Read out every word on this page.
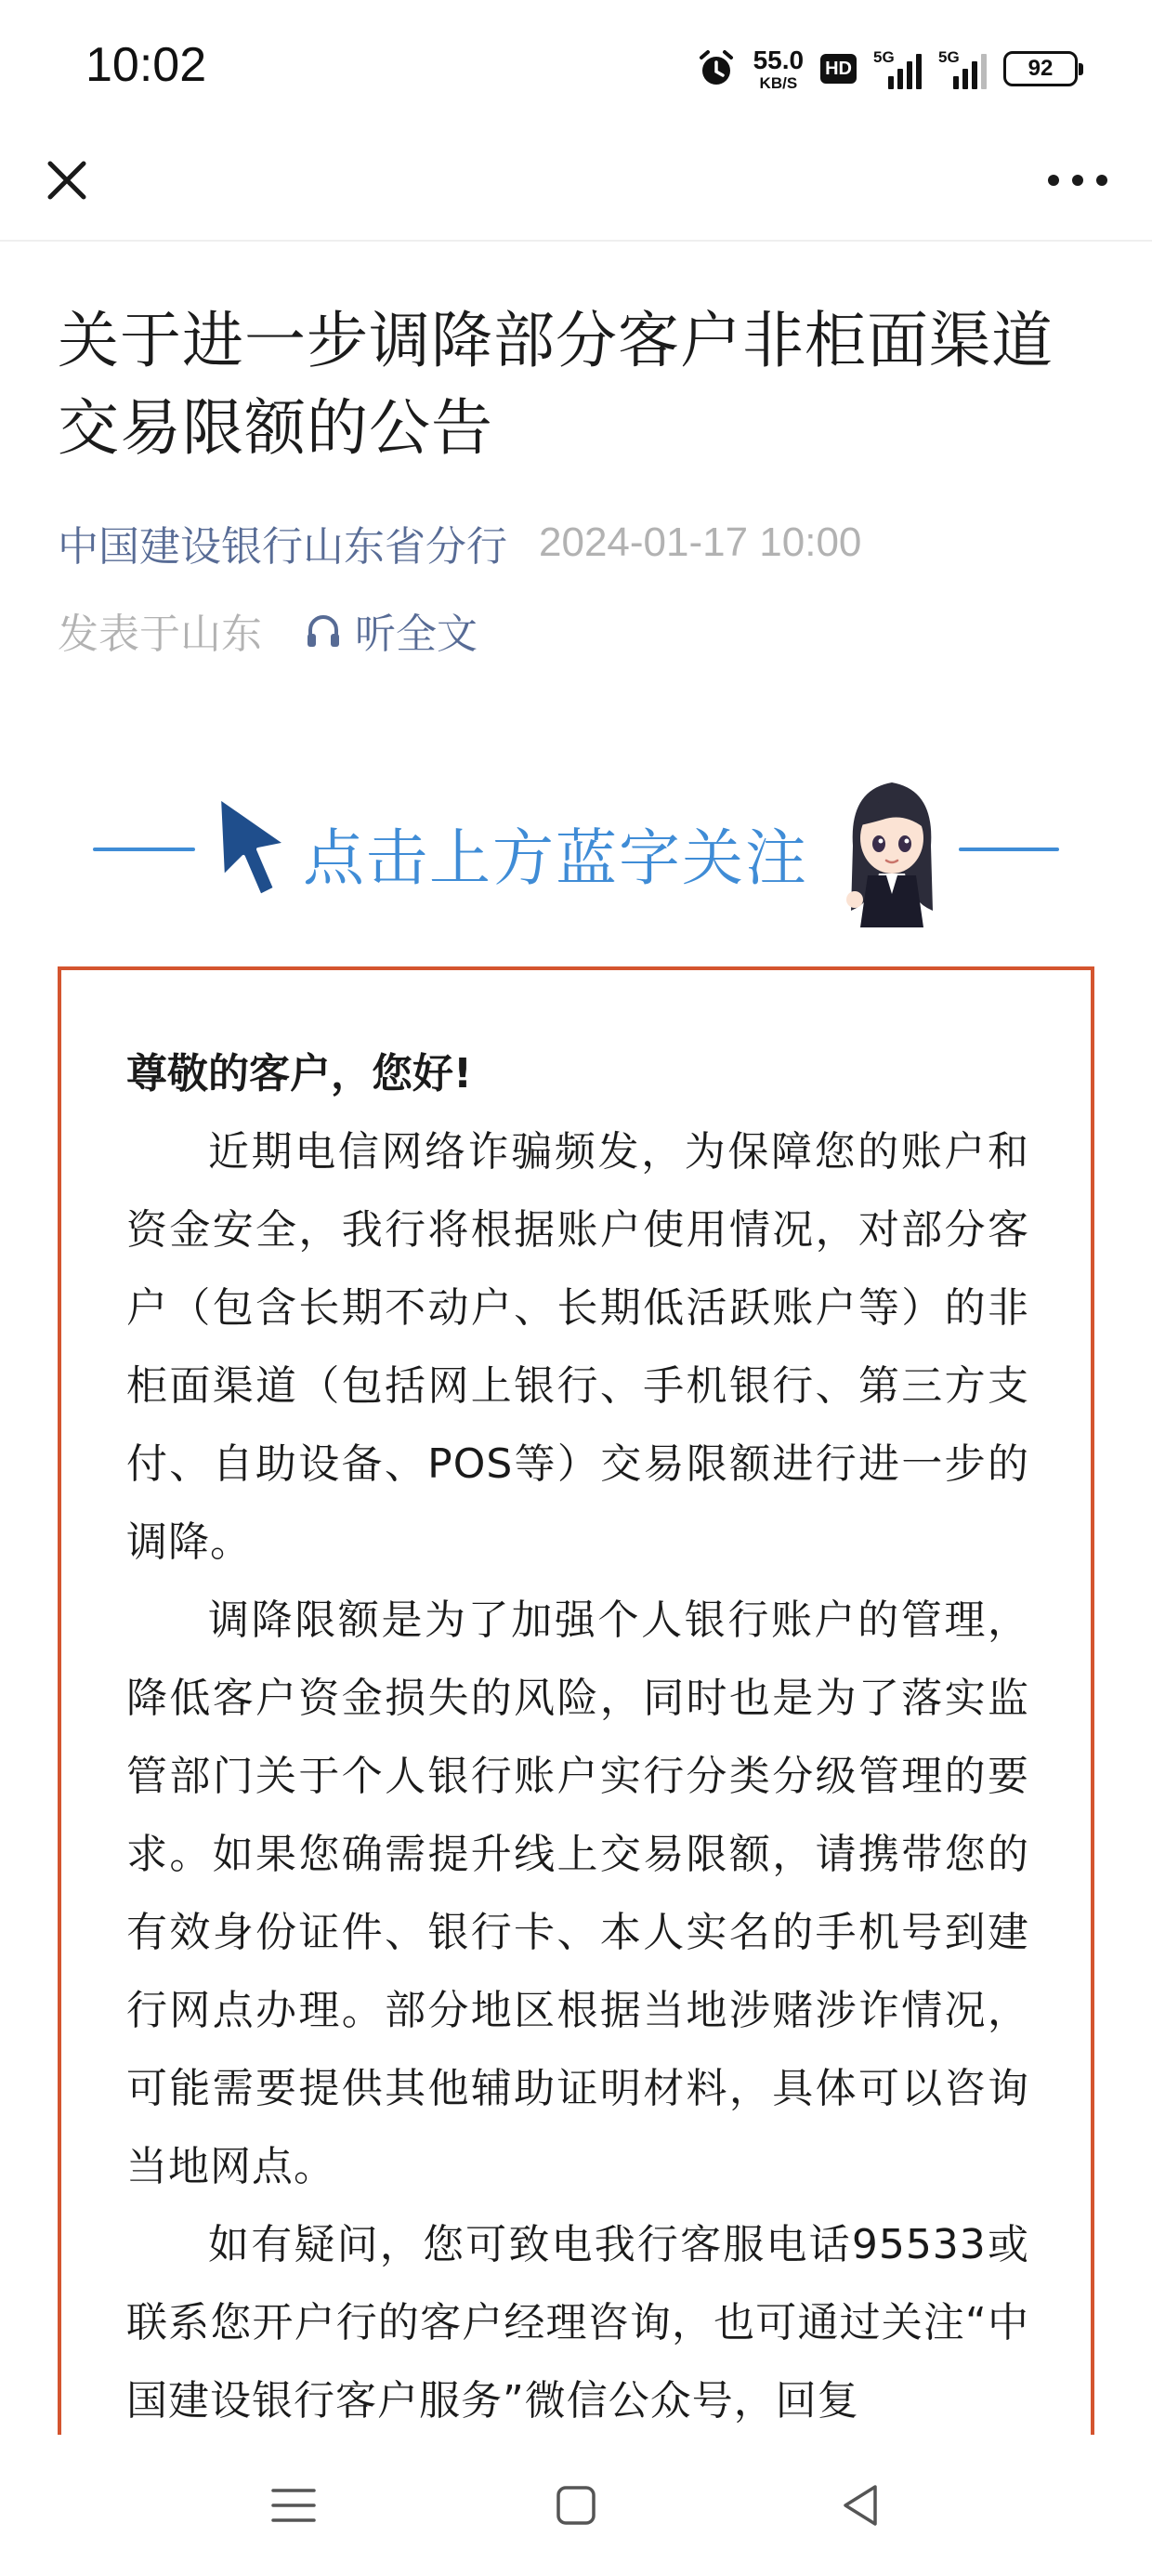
10:02	55.0
KB/S
HD
5G	5G	92
关于进一步调降部分客户非柜面渠道交易限额的公告
中国建设银行山东省分行 2024-01-17 10:00
发表于山东 听全文
点击上方蓝字关注

尊敬的客户，您好!

近期电信网络诈骗频发，为保障您的账户和资金安全，我行将根据账户使用情况，对部分客户（包含长期不动户、长期低活跃账户等）的非柜面渠道（包括网上银行、手机银行、第三方支付、自助设备、POS等）交易限额进行进一步的调降。

调降限额是为了加强个人银行账户的管理，降低客户资金损失的风险，同时也是为了落实监管部门关于个人银行账户实行分类分级管理的要求。如果您确需提升线上交易限额，请携带您的有效身份证件、银行卡、本人实名的手机号到建行网点办理。部分地区根据当地涉赌涉诈情况，可能需要提供其他辅助证明材料，具体可以咨询当地网点。

如有疑问，您可致电我行客服电话95533或联系您开户行的客户经理咨询，也可通过关注“中国建设银行客户服务”微信公众号，回复
